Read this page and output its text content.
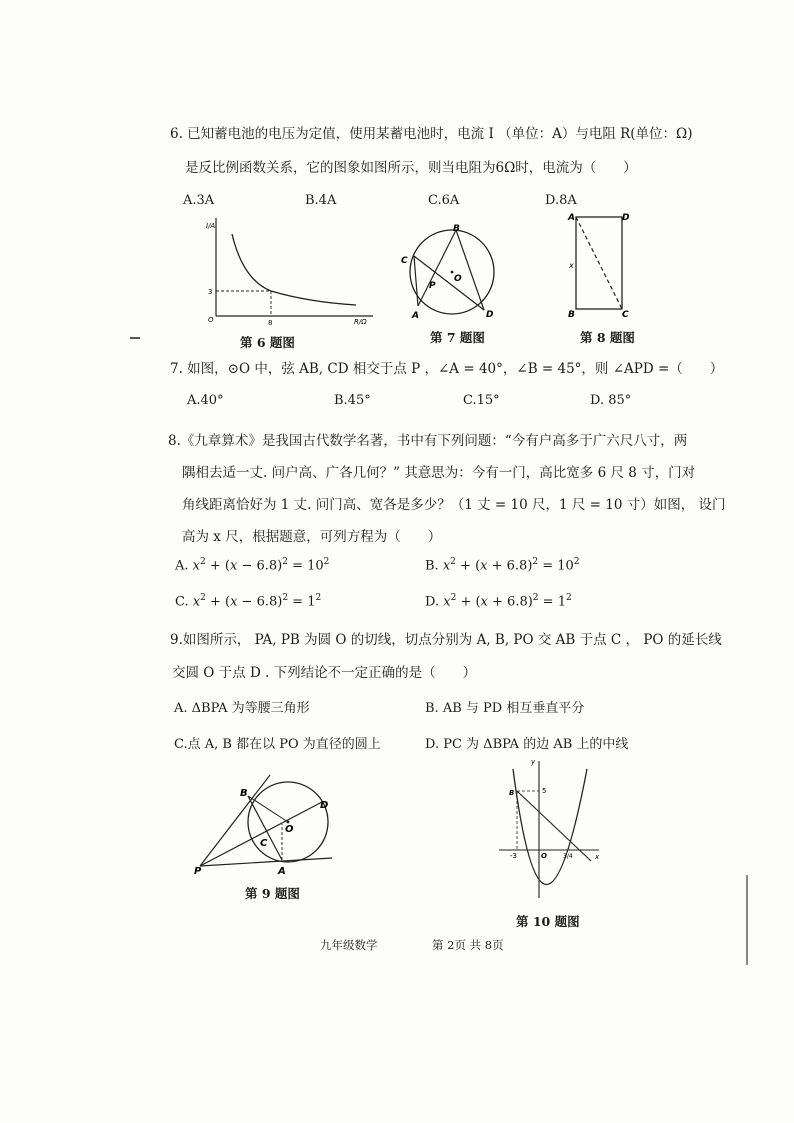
6. 已知蓄电池的电压为定值，使用某蓄电池时，电流 I （单位：A）与电阻 R(单位：Ω)
是反比例函数关系，它的图象如图所示，则当电阻为6Ω时，电流为（　　）
A.3A	B.4A	C.6A	D.8A
I/A
R/Ω
O
3
8
第 6 题图
A
B
C
D
P
O
第 7 题图
A	D
B	C
x
第 8 题图
7. 如图，⊙O 中，弦 AB, CD 相交于点 P ，∠A = 40°，∠B = 45°，则 ∠APD =（　　）
A.40°	B.45°	C.15°	D. 85°
8.《九章算术》是我国古代数学名著，书中有下列问题：“今有户高多于广六尺八寸，两
隅相去适一丈. 问户高、广各几何？” 其意思为：今有一门，高比宽多 6 尺 8 寸，门对
角线距离恰好为 1 丈. 问门高、宽各是多少？（1 丈 = 10 尺，1 尺 = 10 寸）如图， 设门
高为 x 尺，根据题意，可列方程为（　　）
A. $x^2 + (x - 6.8)^2 = 10^2$	B. $x^2 + (x + 6.8)^2 = 10^2$
C. $x^2 + (x - 6.8)^2 = 1^2$	D. $x^2 + (x + 6.8)^2 = 1^2$
9.如图所示， PA, PB 为圆 O 的切线，切点分别为 A, B, PO 交 AB 于点 C ， PO 的延长线
交圆 O 于点 D . 下列结论不一定正确的是（　　）
A. ΔBPA 为等腰三角形	B. AB 与 PD 相互垂直平分
C.点 A, B 都在以 PO 为直径的圆上	D. PC 为 ΔBPA 的边 AB 上的中线
P
B
A
D
C
O
第 9 题图
y
x
O
B	5
-3	3/4
第 10 题图
九年级数学	第 2页 共 8页
